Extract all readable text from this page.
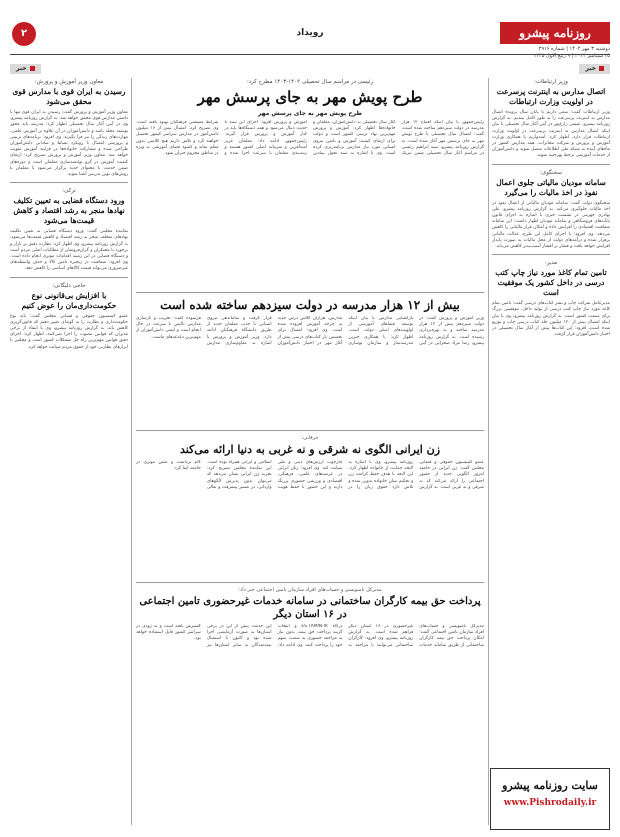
روزنامه پیشرو
دوشنبه ۳ مهر ۱۴۰۲ | شماره ۲۹۱۶
۲۵ سپتامبر ۲۰۲۳ | ۹ ربیع الاول ۱۴۴۵
رویداد
۲
خبر
خبر
وزیر ارتباطات:
اتصال مدارس به اینترنت پرسرعت در اولویت وزارت ارتباطات
وزیر ارتباطات گفت: سعی داریم تا پایان سال پرونده اتصال مدارس به اینترنت پرسرعت را به طور کامل ببندیم. به گزارش روزنامه پیشرو، عیسی زارع‌پور در آیین آغاز سال تحصیلی با بیان اینکه اتصال مدارس به اینترنت پرسرعت در اولویت وزارت ارتباطات قرار دارد، اظهار کرد: امیدواریم با همکاری وزارت آموزش و پرورش و شرکت مخابرات، همه مدارس کشور در ماه‌های آینده به شبکه ملی اطلاعات متصل شوند و دانش‌آموزان از خدمات آموزشی برخط بهره‌مند شوند.
سخنگوی:
سامانه مودیان مالیاتی جلوی اعمال نفوذ در اخذ مالیات را می‌گیرد
سخنگوی دولت گفت: سامانه مودیان مالیاتی از اعمال نفوذ در اخذ مالیات جلوگیری می‌کند. به گزارش روزنامه پیشرو، علی بهادری جهرمی در نشست خبری با اشاره به اجرای قانون پایانه‌های فروشگاهی و سامانه مودیان اظهار داشت: این سامانه شفافیت اقتصادی را افزایش داده و امکان فرار مالیاتی را کاهش می‌دهد. وی افزود: با اجرای کامل این طرح، عدالت مالیاتی برقرار شده و درآمدهای دولت از محل مالیات به صورت پایدار افزایش خواهد یافت و فشار بر اقشار آسیب‌پذیر کاهش می‌یابد.
مدیر:
تامین تمام کاغذ مورد نیاز چاپ کتب درسی در داخل کشور یک موفقیت است
مدیرعامل شرکت چاپ و نشر کتاب‌های درسی گفت: تامین تمام کاغذ مورد نیاز چاپ کتب درسی از تولید داخل، موفقیتی بزرگ برای صنعت کشور است. به گزارش روزنامه پیشرو، وی با بیان اینکه امسال بیش از ۱۲۰ میلیون جلد کتاب درسی چاپ و توزیع شده است، افزود: این کتاب‌ها پیش از آغاز سال تحصیلی در اختیار دانش‌آموزان قرار گرفت.
سایت روزنامه پیشرو
www.Pishrodaily.ir
رئیسی در مراسم سال تحصیلی ۱۴۰۲-۱۴۰۳ مطرح کرد:
طرح پویش مهر به جای پرسش مهر
طرح پویش مهر به جای پرسش مهر
رئیس‌جمهور با بیان اینکه افتتاح ۱۲ هزار مدرسه در دولت سیزدهم ساخته شده است، گفت: امسال سال تحصیلی با طرح پویش مهر به جای پرسش مهر آغاز شده است. به گزارش روزنامه پیشرو، سید ابراهیم رئیسی در مراسم آغاز سال تحصیلی ضمن تبریک آغاز سال تحصیلی به دانش‌آموزان، معلمان و خانواده‌ها اظهار کرد: آموزش و پرورش مهم‌ترین نهاد تربیتی کشور است و دولت برای ارتقای کیفیت آموزش و تامین نیروی انسانی مورد نیاز مدارس برنامه‌ریزی کرده است. وی با اشاره به سند تحول بنیادین آموزش و پرورش افزود: اجرای این سند با جدیت دنبال می‌شود و همه دستگاه‌ها باید در کنار آموزش و پرورش قرار گیرند. رئیس‌جمهور ادامه داد: معلمان عزیز امیدآفرین و سرمایه اصلی کشور هستند و رتبه‌بندی معلمان با سرعت اجرا شده و شرایط معیشتی فرهنگیان بهبود یافته است. وی تصریح کرد: امسال بیش از ۱۶ میلیون دانش‌آموز در مدارس سراسر کشور تحصیل خواهند کرد و تلاش داریم هیچ کلاسی بدون معلم نماند و کمبود فضای آموزشی به ویژه در مناطق محروم جبران شود.
بیش از ۱۲ هزار مدرسه در دولت سیزدهم ساخته شده است
وزیر آموزش و پرورش گفت: در دولت سیزدهم بیش از ۱۲ هزار مدرسه ساخته و به بهره‌برداری رسیده است. به گزارش روزنامه پیشرو، رضا مراد صحرایی در آیین بازگشایی مدارس با بیان اینکه توسعه فضاهای آموزشی از اولویت‌های اصلی دولت است، اظهار کرد: با همکاری خیرین مدرسه‌ساز و سازمان نوسازی مدارس، هزاران کلاس درس جدید به چرخه آموزش افزوده شده است. وی افزود: امسال برای نخستین بار کتاب‌های درسی پیش از آغاز مهر در اختیار دانش‌آموزان قرار گرفت و ساماندهی نیروی انسانی با جذب معلمان جدید از طریق دانشگاه فرهنگیان ادامه دارد. وزیر آموزش و پرورش با اشاره به مقاوم‌سازی مدارس فرسوده گفت: تخریب و بازسازی مدارس ناایمن با سرعت در حال انجام است و ایمنی دانش‌آموزان از مهم‌ترین دغدغه‌های ماست.
خرقانی:
زن ایرانی الگوی نه شرقی و نه غربی به دنیا ارائه می‌کند
عضو کمیسیون حقوقی و قضایی مجلس گفت: زن ایرانی در جامعه امروز الگویی جدید از حضور اجتماعی را ارائه می‌کند که نه شرقی و نه غربی است. به گزارش روزنامه پیشرو، وی با اشاره به لایحه حمایت از خانواده اظهار کرد: این لایحه با هدف حفظ کرامت زن و تحکیم بنیان خانواده تدوین شده و تلاش دارد حقوق زنان را در چارچوب ارزش‌های دینی و ملی صیانت کند. وی افزود: زنان ایرانی در عرصه‌های علمی، فرهنگی، اقتصادی و ورزشی حضوری پررنگ دارند و این حضور با حفظ هویت اسلامی و ایرانی همراه بوده است. این نماینده مجلس تصریح کرد: تجربه زن ایرانی نشان می‌دهد که می‌توان بدون پذیرش الگوهای وارداتی، در مسیر پیشرفت و تعالی گام برداشت و نقش موثری در جامعه ایفا کرد.
مدیرکل نامنویسی و حساب‌های افراد سازمان تامین اجتماعی خبر داد:
پرداخت حق بیمه کارگران ساختمانی در سامانه خدمات غیرحضوری تامین اجتماعی در ۱۶ استان دیگر
مدیرکل نامنویسی و حساب‌های افراد سازمان تامین اجتماعی گفت: امکان پرداخت حق بیمه کارگران ساختمانی از طریق سامانه خدمات غیرحضوری در ۱۶ استان دیگر فراهم شده است. به گزارش روزنامه پیشرو، وی افزود: کارگران ساختمانی می‌توانند با مراجعه به درگاه ES.TAMIN.IR و انتخاب گزینه پرداخت حق بیمه، بدون نیاز به مراجعه حضوری به شعب، سهم خود را پرداخت کنند. وی ادامه داد: این خدمت پیش از این در برخی استان‌ها به صورت آزمایشی اجرا شده بود و اکنون با استقبال بیمه‌شدگان به سایر استان‌ها نیز گسترش یافته است و به زودی در سراسر کشور قابل استفاده خواهد بود.
معاون وزیر آموزش و پرورش:
رسیدن به ایران قوی با مدارس قوی محقق می‌شود
معاون وزیر آموزش و پرورش گفت: رسیدن به ایران قوی تنها با داشتن مدارس قوی محقق خواهد شد. به گزارش روزنامه پیشرو، وی در آیین آغاز سال تحصیلی اظهار کرد: مدرسه باید محور توسعه محله باشد و دانش‌آموزان در آن علاوه بر آموزش علمی، مهارت‌های زندگی را نیز فرا بگیرند. وی افزود: برنامه‌های تربیتی و پرورشی امسال با رویکرد نشاط و شادابی دانش‌آموزان طراحی شده و مشارکت خانواده‌ها در فرایند آموزش تقویت خواهد شد. معاون وزیر آموزش و پرورش تصریح کرد: ارتقای کیفیت آموزش در گرو توانمندسازی معلمان است و دوره‌های ضمن خدمت با محتوای جدید برگزار می‌شود تا معلمان با روش‌های نوین تدریس آشنا شوند.
ترکی:
ورود دستگاه قضایی به تعیین تکلیف نهادها منجر به رشد اقتصاد و کاهش قیمت‌ها می‌شود
نماینده مجلس گفت: ورود دستگاه قضایی به تعیین تکلیف نهادهای متخلف منجر به رشد اقتصاد و کاهش قیمت‌ها می‌شود. به گزارش روزنامه پیشرو، وی اظهار کرد: نظارت دقیق بر بازار و برخورد با محتکران و گران‌فروشان از مطالبات اصلی مردم است و دستگاه قضایی در این زمینه اقدامات موثری انجام داده است. وی افزود: شفافیت در زنجیره تامین کالا و حذف واسطه‌های غیرضروری می‌تواند قیمت کالاهای اساسی را کاهش دهد.
حاجی دلیگانی:
با افزایش بی‌قانونی نوع حکومت‌داری‌مان را عوض کنیم
عضو کمیسیون حقوقی و قضایی مجلس گفت: باید نوع حکومت‌داری و نظارت را به گونه‌ای تغییر دهیم که قانون‌گریزی کاهش یابد. به گزارش روزنامه پیشرو، وی با انتقاد از برخی مدیران که قوانین مصوب را اجرا نمی‌کنند، اظهار کرد: اجرای دقیق قوانین مهم‌ترین راه حل مشکلات کشور است و مجلس با ابزارهای نظارتی خود از حقوق مردم صیانت خواهد کرد.
